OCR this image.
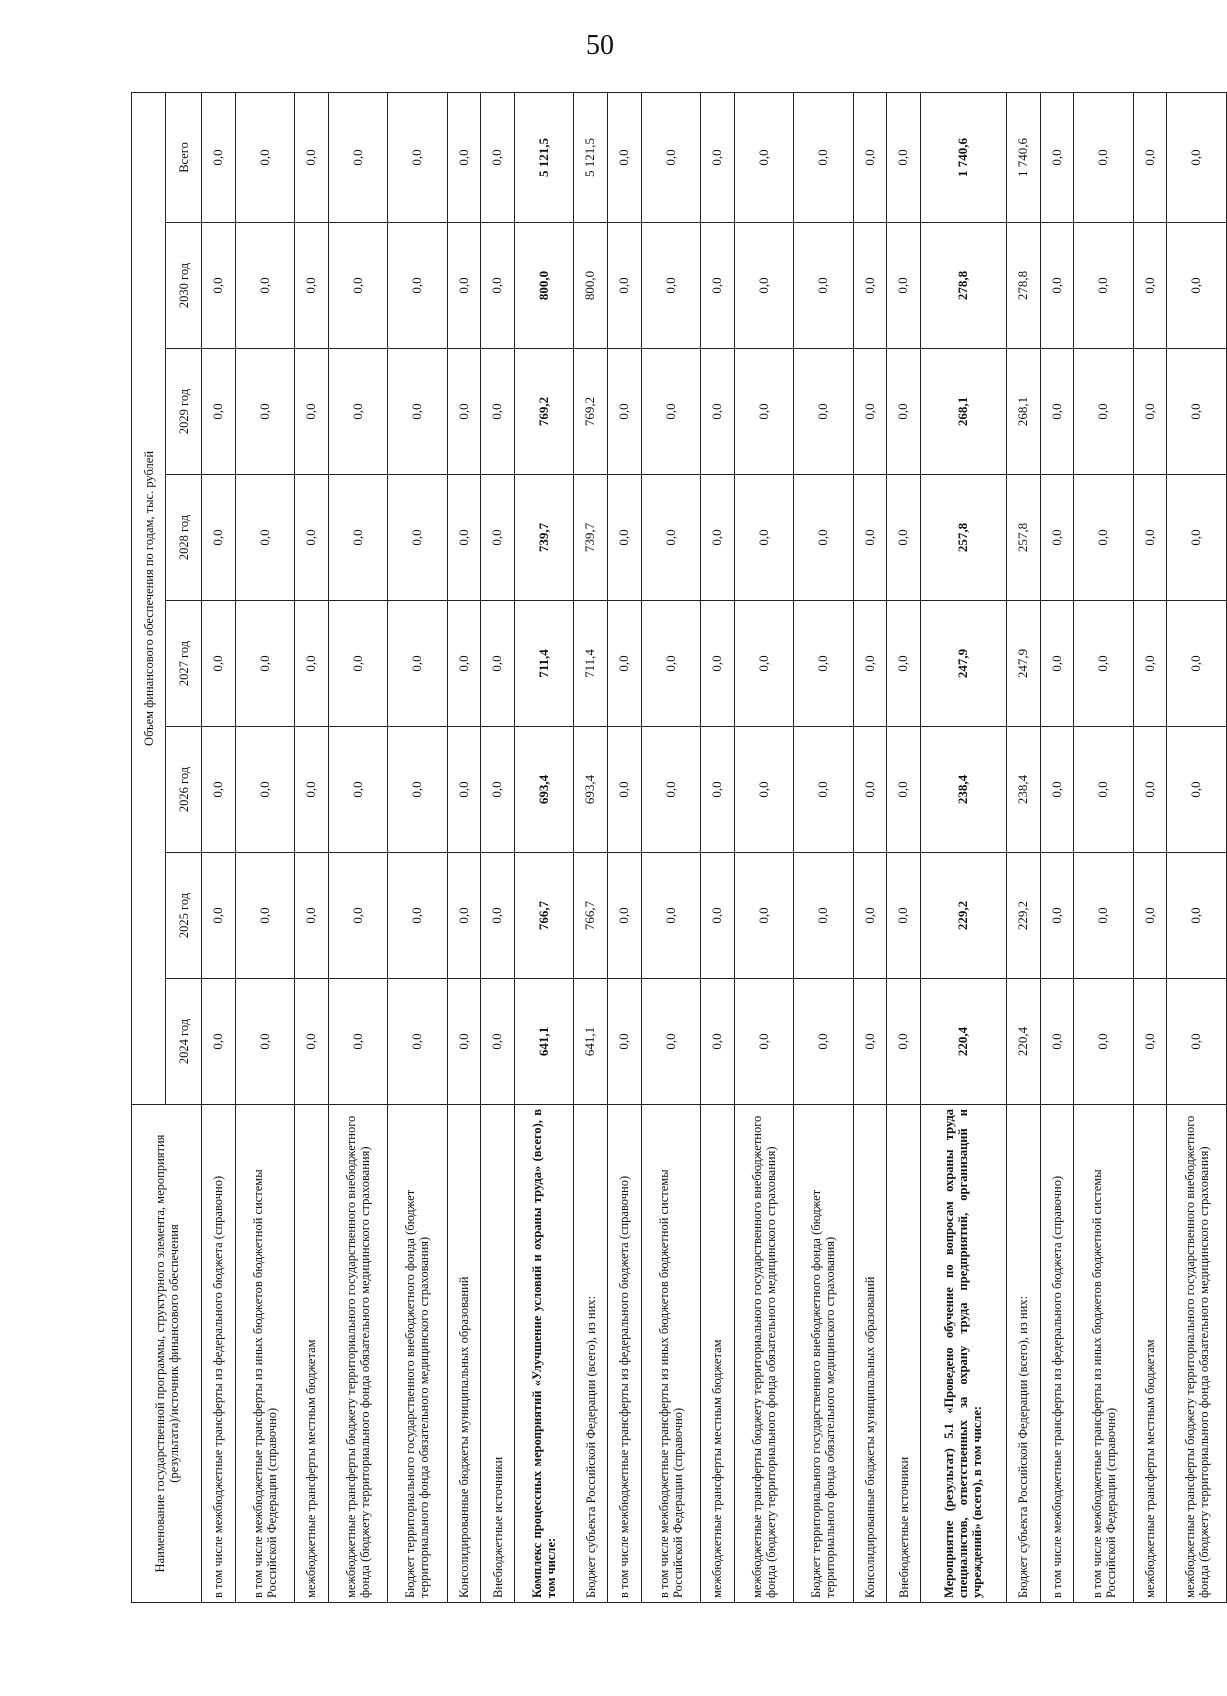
50
Наименование государственной программы, структурного элемента, мероприятия (результата)/источник финансового обеспечения	Объем финансового обеспечения по годам, тыс. рублей							
	2024 год	2025 год	2026 год	2027 год	2028 год	2029 год	2030 год	Всего
в том числе межбюджетные трансферты из федерального бюджета (справочно)	0,0	0,0	0,0	0,0	0,0	0,0	0,0	0,0
в том числе межбюджетные трансферты из иных бюджетов бюджетной системы Российской Федерации (справочно)	0,0	0,0	0,0	0,0	0,0	0,0	0,0	0,0
межбюджетные трансферты местным бюджетам	0,0	0,0	0,0	0,0	0,0	0,0	0,0	0,0
межбюджетные трансферты бюджету территориального государственного внебюджетного фонда (бюджету территориального фонда обязательного медицинского страхования)	0,0	0,0	0,0	0,0	0,0	0,0	0,0	0,0
Бюджет территориального государственного внебюджетного фонда (бюджет территориального фонда обязательного медицинского страхования)	0,0	0,0	0,0	0,0	0,0	0,0	0,0	0,0
Консолидированные бюджеты муниципальных образований	0,0	0,0	0,0	0,0	0,0	0,0	0,0	0,0
Внебюджетные источники	0,0	0,0	0,0	0,0	0,0	0,0	0,0	0,0
Комплекс процессных мероприятий «Улучшение условий и охраны труда» (всего), в том числе:	641,1	766,7	693,4	711,4	739,7	769,2	800,0	5 121,5
Бюджет субъекта Российской Федерации (всего), из них:	641,1	766,7	693,4	711,4	739,7	769,2	800,0	5 121,5
в том числе межбюджетные трансферты из федерального бюджета (справочно)	0,0	0,0	0,0	0,0	0,0	0,0	0,0	0,0
в том числе межбюджетные трансферты из иных бюджетов бюджетной системы Российской Федерации (справочно)	0,0	0,0	0,0	0,0	0,0	0,0	0,0	0,0
межбюджетные трансферты местным бюджетам	0,0	0,0	0,0	0,0	0,0	0,0	0,0	0,0
межбюджетные трансферты бюджету территориального государственного внебюджетного фонда (бюджету территориального фонда обязательного медицинского страхования)	0,0	0,0	0,0	0,0	0,0	0,0	0,0	0,0
Бюджет территориального государственного внебюджетного фонда (бюджет территориального фонда обязательного медицинского страхования)	0,0	0,0	0,0	0,0	0,0	0,0	0,0	0,0
Консолидированные бюджеты муниципальных образований	0,0	0,0	0,0	0,0	0,0	0,0	0,0	0,0
Внебюджетные источники	0,0	0,0	0,0	0,0	0,0	0,0	0,0	0,0
Мероприятие (результат) 5.1 «Проведено обучение по вопросам охраны труда специалистов, ответственных за охрану труда предприятий, организаций и учреждений» (всего), в том числе:	220,4	229,2	238,4	247,9	257,8	268,1	278,8	1 740,6
Бюджет субъекта Российской Федерации (всего), из них:	220,4	229,2	238,4	247,9	257,8	268,1	278,8	1 740,6
в том числе межбюджетные трансферты из федерального бюджета (справочно)	0,0	0,0	0,0	0,0	0,0	0,0	0,0	0,0
в том числе межбюджетные трансферты из иных бюджетов бюджетной системы Российской Федерации (справочно)	0,0	0,0	0,0	0,0	0,0	0,0	0,0	0,0
межбюджетные трансферты местным бюджетам	0,0	0,0	0,0	0,0	0,0	0,0	0,0	0,0
межбюджетные трансферты бюджету территориального государственного внебюджетного фонда (бюджету территориального фонда обязательного медицинского страхования)	0,0	0,0	0,0	0,0	0,0	0,0	0,0	0,0
